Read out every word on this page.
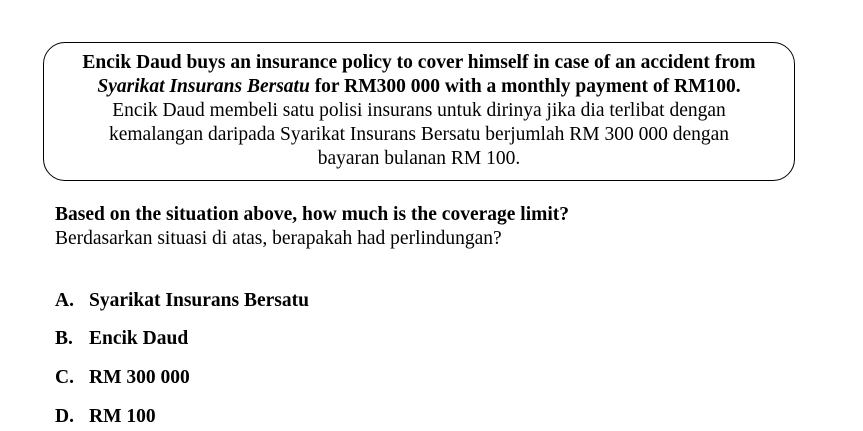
Encik Daud buys an insurance policy to cover himself in case of an accident from
Syarikat Insurans Bersatu for RM300 000 with a monthly payment of RM100.
Encik Daud membeli satu polisi insurans untuk dirinya jika dia terlibat dengan
kemalangan daripada Syarikat Insurans Bersatu berjumlah RM 300 000 dengan
bayaran bulanan RM 100.
Based on the situation above, how much is the coverage limit?
Berdasarkan situasi di atas, berapakah had perlindungan?
A. Syarikat Insurans Bersatu
B. Encik Daud
C. RM 300 000
D. RM 100
